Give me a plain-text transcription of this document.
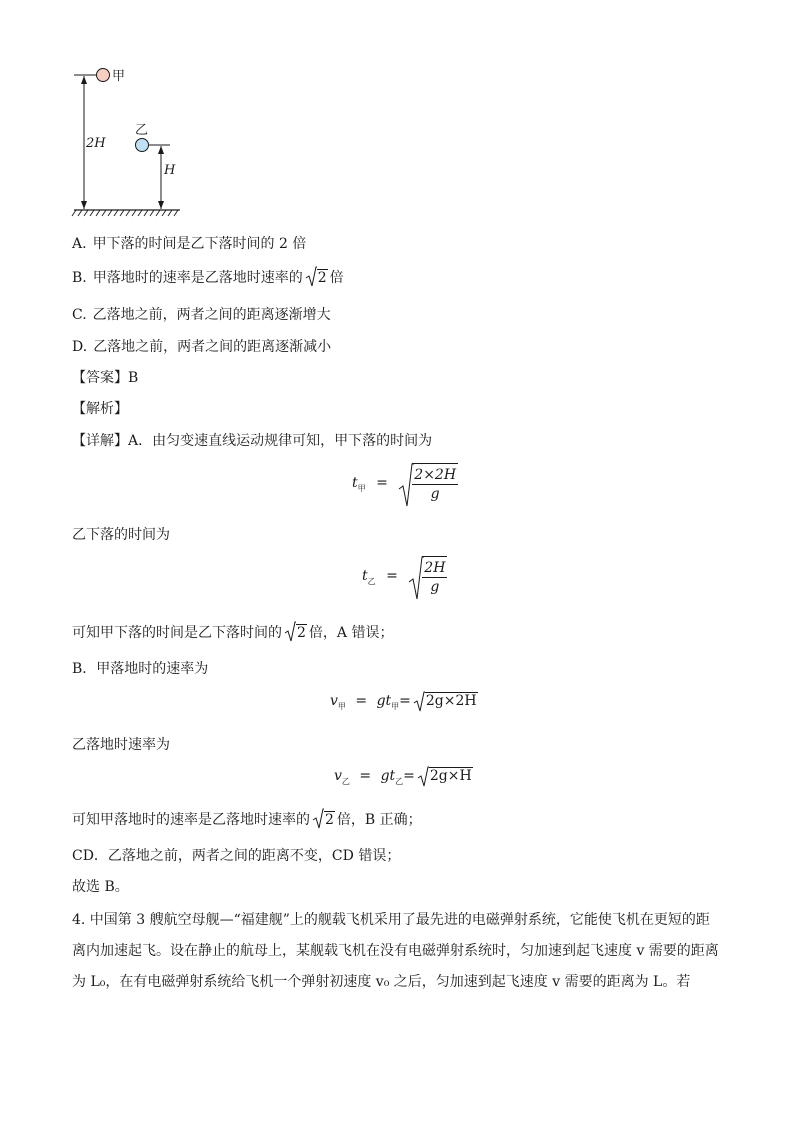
甲
乙
2H
H
A. 甲下落的时间是乙下落时间的 2 倍
B. 甲落地时的速率是乙落地时速率的 2 倍
C. 乙落地之前，两者之间的距离逐渐增大
D. 乙落地之前，两者之间的距离逐渐减小
【答案】B
【解析】
【详解】A．由匀变速直线运动规律可知，甲下落的时间为
$t_甲 = \frac{2\times 2H}{g}$
乙下落的时间为
$t_乙 = \frac{2H}{g}$
可知甲下落的时间是乙下落时间的 2 倍，A 错误；
B．甲落地时的速率为
$v_甲 = gt_甲= 2g\times 2H$
乙落地时速率为
$v_乙 = gt_乙= 2g\times H$
可知甲落地时的速率是乙落地时速率的 2 倍，B 正确；
CD．乙落地之前，两者之间的距离不变，CD 错误；
故选 B。
4. 中国第 3 艘航空母舰—“福建舰”上的舰载飞机采用了最先进的电磁弹射系统，它能使飞机在更短的距
离内加速起飞。设在静止的航母上，某舰载飞机在没有电磁弹射系统时，匀加速到起飞速度 v 需要的距离
为 L₀，在有电磁弹射系统给飞机一个弹射初速度 v₀ 之后，匀加速到起飞速度 v 需要的距离为 L。若
